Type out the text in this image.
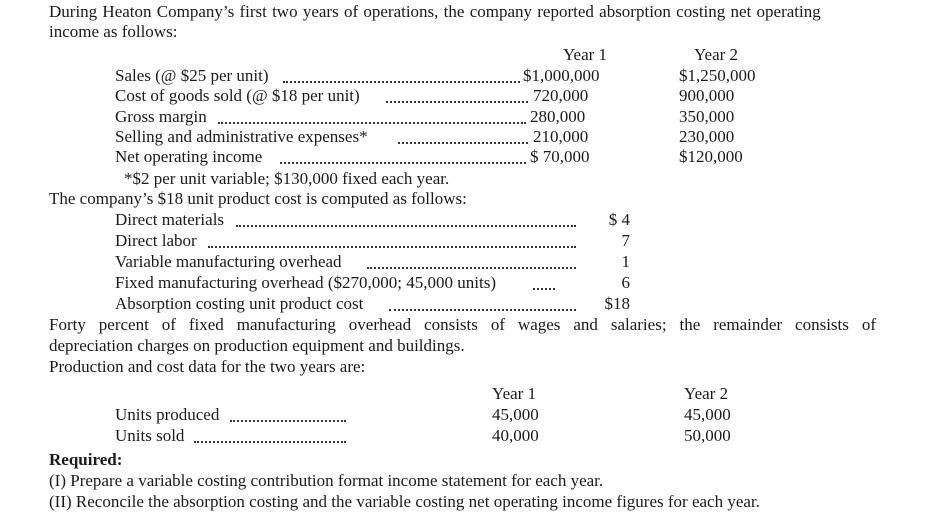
During Heaton Company’s first two years of operations, the company reported absorption costing net operating
income as follows:
Year 1	Year 2
Sales (@ $25 per unit)	$1,000,000	$1,250,000
Cost of goods sold (@ $18 per unit)	720,000	900,000
Gross margin	280,000	350,000
Selling and administrative expenses*	210,000	230,000
Net operating income	$ 70,000	$120,000
*$2 per unit variable; $130,000 fixed each year.
The company’s $18 unit product cost is computed as follows:
Direct materials	$ 4
Direct labor	7
Variable manufacturing overhead	1
Fixed manufacturing overhead ($270,000; 45,000 units)	6
Absorption costing unit product cost	$18
Forty percent of fixed manufacturing overhead consists of wages and salaries; the remainder consists of
depreciation charges on production equipment and buildings.
Production and cost data for the two years are:
Year 1	Year 2
Units produced	45,000	45,000
Units sold	40,000	50,000
Required:
(I) Prepare a variable costing contribution format income statement for each year.
(II) Reconcile the absorption costing and the variable costing net operating income figures for each year.
